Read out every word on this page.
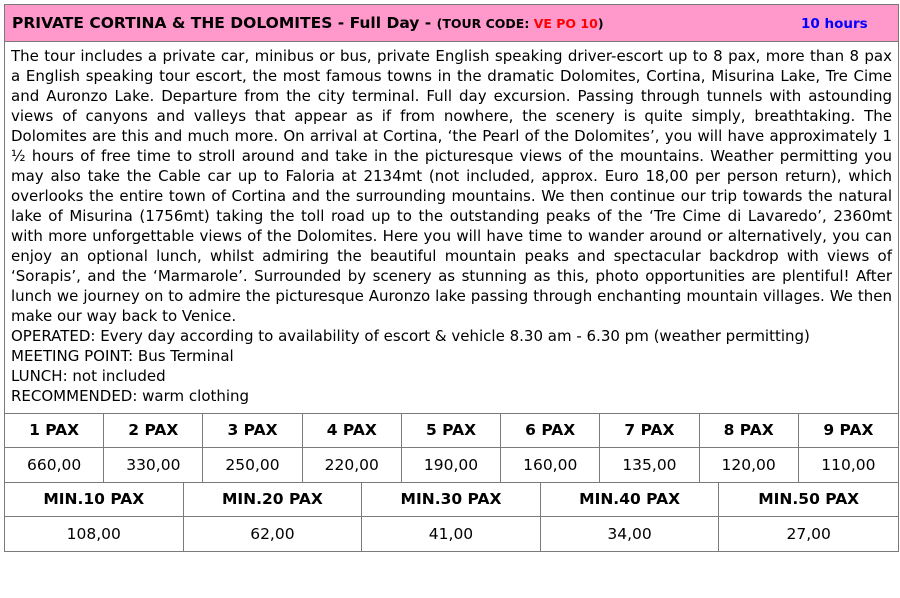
PRIVATE CORTINA & THE DOLOMITES - Full Day - (TOUR CODE: VE PO 10)	10 hours

The tour includes a private car, minibus or bus, private English speaking driver-escort up to 8 pax, more than 8 pax a English speaking tour escort, the most famous towns in the dramatic Dolomites, Cortina, Misurina Lake, Tre Cime and Auronzo Lake. Departure from the city terminal. Full day excursion. Passing through tunnels with astounding views of canyons and valleys that appear as if from nowhere, the scenery is quite simply, breathtaking. The Dolomites are this and much more. On arrival at Cortina, ‘the Pearl of the Dolomites’, you will have approximately 1 ½ hours of free time to stroll around and take in the picturesque views of the mountains. Weather permitting you may also take the Cable car up to Faloria at 2134mt (not included, approx. Euro 18,00 per person return), which overlooks the entire town of Cortina and the surrounding mountains. We then continue our trip towards the natural lake of Misurina (1756mt) taking the toll road up to the outstanding peaks of the ‘Tre Cime di Lavaredo’, 2360mt with more unforgettable views of the Dolomites. Here you will have time to wander around or alternatively, you can enjoy an optional lunch, whilst admiring the beautiful mountain peaks and spectacular backdrop with views of ‘Sorapis’, and the ‘Marmarole’. Surrounded by scenery as stunning as this, photo opportunities are plentiful! After lunch we journey on to admire the picturesque Auronzo lake passing through enchanting mountain villages. We then make our way back to Venice.

OPERATED: Every day according to availability of escort & vehicle 8.30 am - 6.30 pm (weather permitting)

MEETING POINT: Bus Terminal

LUNCH: not included

RECOMMENDED: warm clothing

1 PAX	2 PAX	3 PAX	4 PAX	5 PAX	6 PAX	7 PAX	8 PAX	9 PAX
660,00	330,00	250,00	220,00	190,00	160,00	135,00	120,00	110,00
MIN.10 PAX	MIN.20 PAX	MIN.30 PAX	MIN.40 PAX	MIN.50 PAX
108,00	62,00	41,00	34,00	27,00
